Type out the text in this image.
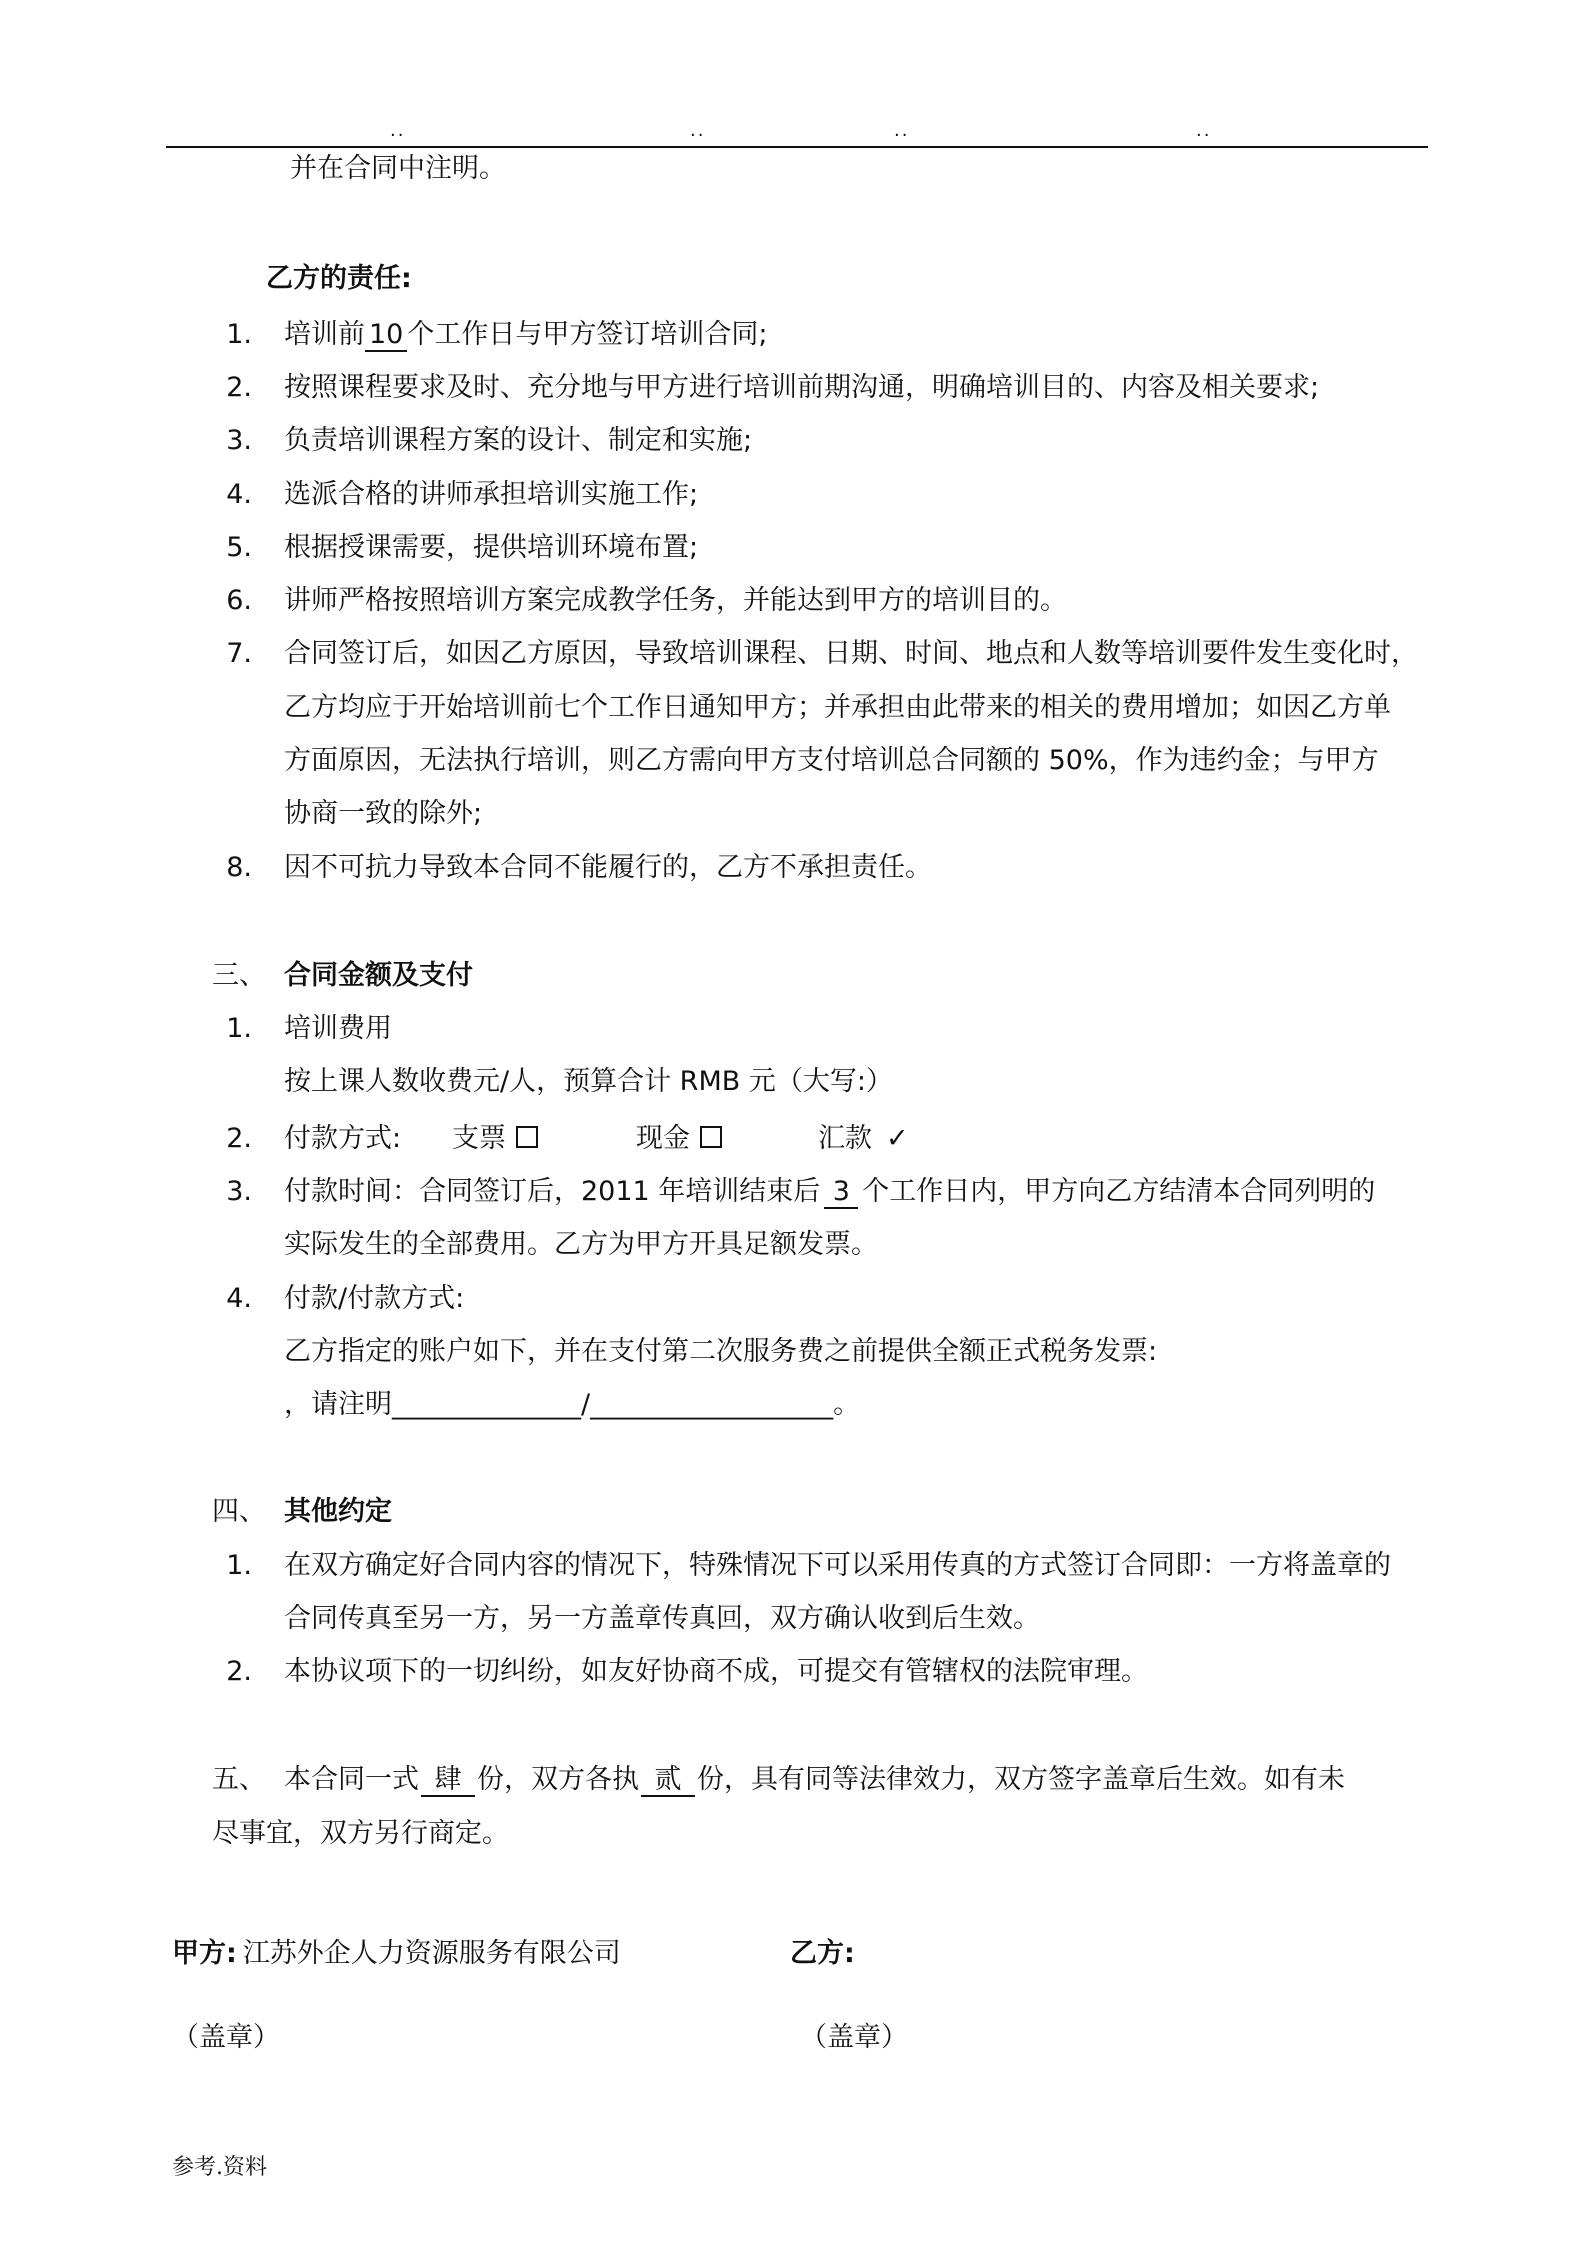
..	..	..	..
并在合同中注明。
乙方的责任:
1. 培训前 10 个工作日与甲方签订培训合同;
2. 按照课程要求及时、充分地与甲方进行培训前期沟通，明确培训目的、内容及相关要求;
3. 负责培训课程方案的设计、制定和实施;
4. 选派合格的讲师承担培训实施工作;
5. 根据授课需要，提供培训环境布置;
6. 讲师严格按照培训方案完成教学任务，并能达到甲方的培训目的。
7. 合同签订后，如因乙方原因，导致培训课程、日期、时间、地点和人数等培训要件发生变化时，
乙方均应于开始培训前七个工作日通知甲方；并承担由此带来的相关的费用增加；如因乙方单
方面原因，无法执行培训，则乙方需向甲方支付培训总合同额的 50%，作为违约金；与甲方
协商一致的除外;
8. 因不可抗力导致本合同不能履行的，乙方不承担责任。
三、 合同金额及支付
1. 培训费用
按上课人数收费元/人，预算合计 RMB 元（大写:）
2. 付款方式: 支票	现金	汇款 ✓
3. 付款时间：合同签订后，2011 年培训结束后 3 个工作日内，甲方向乙方结清本合同列明的
实际发生的全部费用。乙方为甲方开具足额发票。
4. 付款/付款方式:
乙方指定的账户如下，并在支付第二次服务费之前提供全额正式税务发票:
，请注明______________/__________________。
四、 其他约定
1. 在双方确定好合同内容的情况下，特殊情况下可以采用传真的方式签订合同即：一方将盖章的
合同传真至另一方，另一方盖章传真回，双方确认收到后生效。
2. 本协议项下的一切纠纷，如友好协商不成，可提交有管辖权的法院审理。
五、 本合同一式 肆 份，双方各执 贰 份，具有同等法律效力，双方签字盖章后生效。如有未
尽事宜，双方另行商定。
甲方: 江苏外企人力资源服务有限公司	乙方:
（盖章）	（盖章）
参考.资料
